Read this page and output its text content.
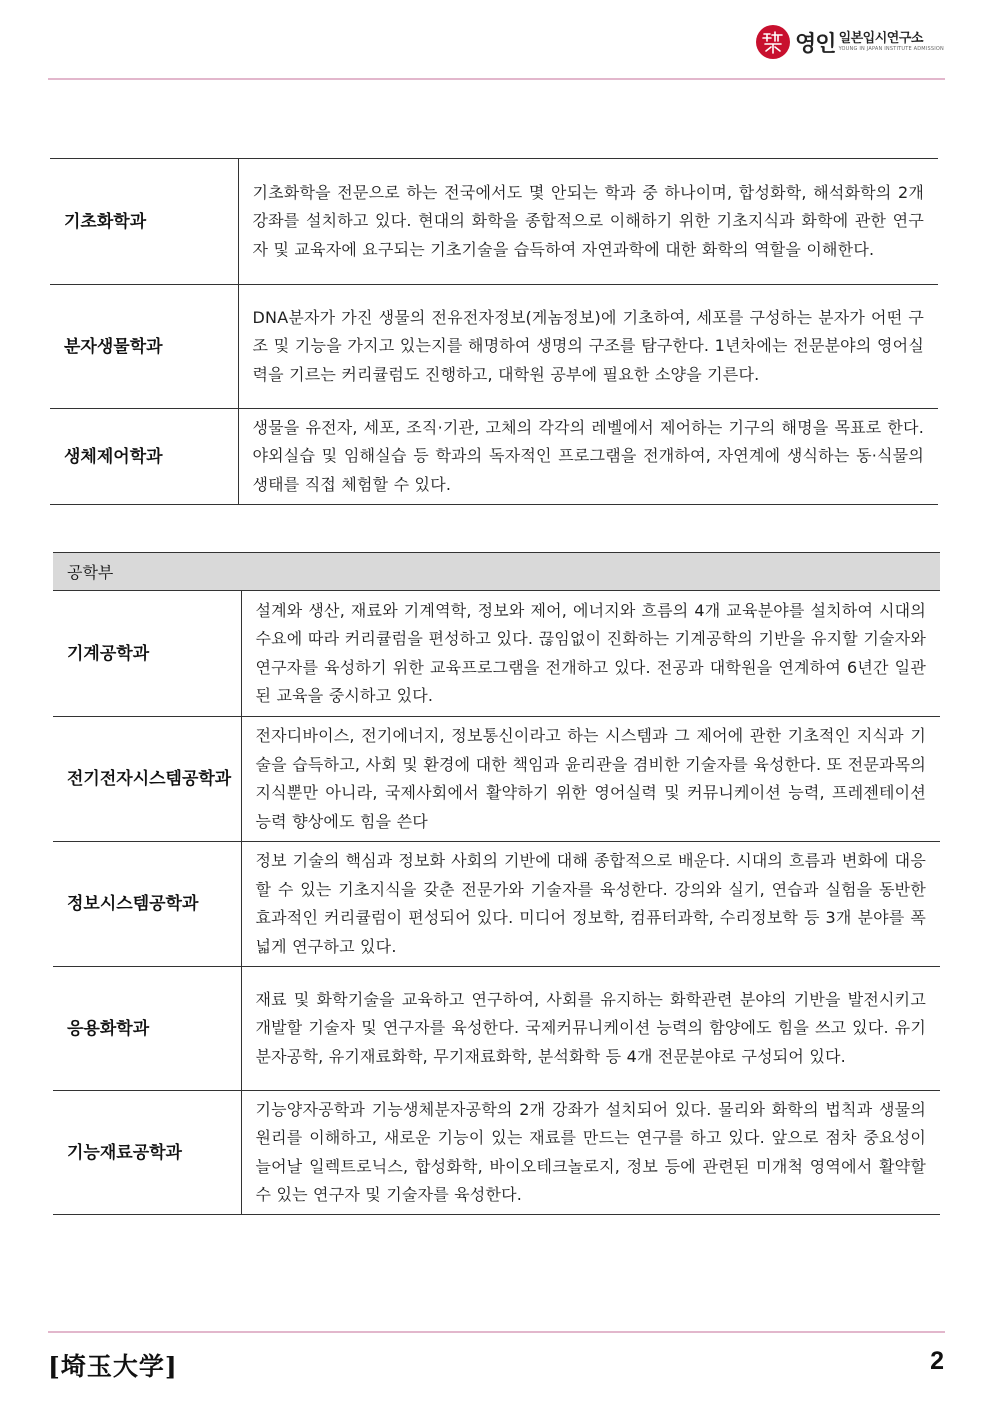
영인 일본입시연구소
YOUNG IN JAPAN INSTITUTE ADMISSION
기초화학과	기초화학을 전문으로 하는 전국에서도 몇 안되는 학과 중 하나이며, 합성화학, 해석화학의 2개 강좌를 설치하고 있다. 현대의 화학을 종합적으로 이해하기 위한 기초지식과 화학에 관한 연구자 및 교육자에 요구되는 기초기술을 습득하여 자연과학에 대한 화학의 역할을 이해한다.
분자생물학과	DNA분자가 가진 생물의 전유전자정보(게놈정보)에 기초하여, 세포를 구성하는 분자가 어떤 구조 및 기능을 가지고 있는지를 해명하여 생명의 구조를 탐구한다. 1년차에는 전문분야의 영어실력을 기르는 커리큘럼도 진행하고, 대학원 공부에 필요한 소양을 기른다.
생체제어학과	생물을 유전자, 세포, 조직·기관, 고체의 각각의 레벨에서 제어하는 기구의 해명을 목표로 한다. 야외실습 및 임해실습 등 학과의 독자적인 프로그램을 전개하여, 자연계에 생식하는 동·식물의 생태를 직접 체험할 수 있다.
공학부	
기계공학과	설계와 생산, 재료와 기계역학, 정보와 제어, 에너지와 흐름의 4개 교육분야를 설치하여 시대의 수요에 따라 커리큘럼을 편성하고 있다. 끊임없이 진화하는 기계공학의 기반을 유지할 기술자와 연구자를 육성하기 위한 교육프로그램을 전개하고 있다. 전공과 대학원을 연계하여 6년간 일관된 교육을 중시하고 있다.
전기전자시스템공학과	전자디바이스, 전기에너지, 정보통신이라고 하는 시스템과 그 제어에 관한 기초적인 지식과 기술을 습득하고, 사회 및 환경에 대한 책임과 윤리관을 겸비한 기술자를 육성한다. 또 전문과목의 지식뿐만 아니라, 국제사회에서 활약하기 위한 영어실력 및 커뮤니케이션 능력, 프레젠테이션 능력 향상에도 힘을 쓴다
정보시스템공학과	정보 기술의 핵심과 정보화 사회의 기반에 대해 종합적으로 배운다. 시대의 흐름과 변화에 대응할 수 있는 기초지식을 갖춘 전문가와 기술자를 육성한다. 강의와 실기, 연습과 실험을 동반한 효과적인 커리큘럼이 편성되어 있다. 미디어 정보학, 컴퓨터과학, 수리정보학 등 3개 분야를 폭넓게 연구하고 있다.
응용화학과	재료 및 화학기술을 교육하고 연구하여, 사회를 유지하는 화학관련 분야의 기반을 발전시키고 개발할 기술자 및 연구자를 육성한다. 국제커뮤니케이션 능력의 함양에도 힘을 쓰고 있다. 유기분자공학, 유기재료화학, 무기재료화학, 분석화학 등 4개 전문분야로 구성되어 있다.
기능재료공학과	기능양자공학과 기능생체분자공학의 2개 강좌가 설치되어 있다. 물리와 화학의 법칙과 생물의 원리를 이해하고, 새로운 기능이 있는 재료를 만드는 연구를 하고 있다. 앞으로 점차 중요성이 늘어날 일렉트로닉스, 합성화학, 바이오테크놀로지, 정보 등에 관련된 미개척 영역에서 활약할 수 있는 연구자 및 기술자를 육성한다.
[埼玉大学]	2
